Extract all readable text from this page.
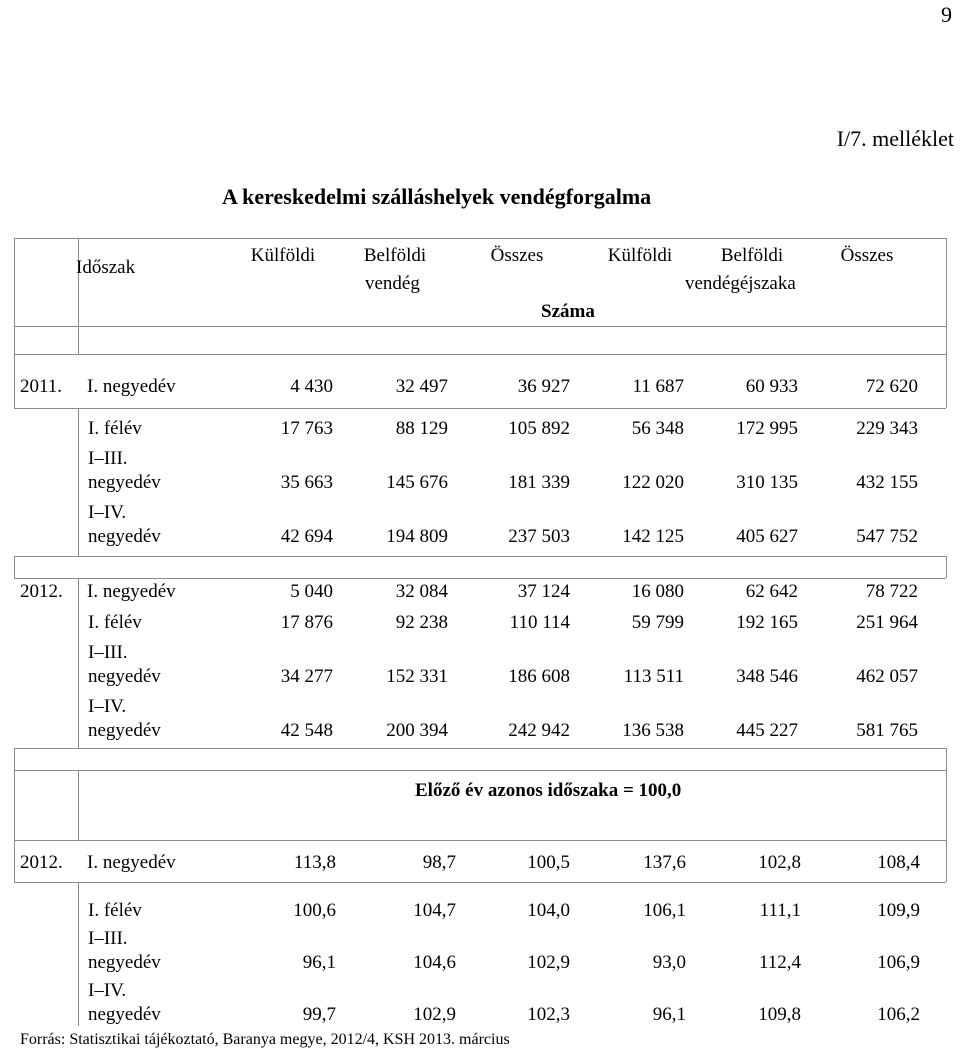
9
I/7. melléklet
A kereskedelmi szálláshelyek vendégforgalma
Időszak
Külföldi	Belföldi	Összes	Külföldi	Belföldi	Összes
vendég	vendégéjszaka
Száma
2011. I. negyedév	4 430	32 497	36 927	11 687	60 933	72 620
I. félév	17 763	88 129	105 892	56 348	172 995	229 343
I–III.
negyedév	35 663	145 676	181 339	122 020	310 135	432 155
I–IV.
negyedév	42 694	194 809	237 503	142 125	405 627	547 752
2012. I. negyedév	5 040	32 084	37 124	16 080	62 642	78 722
I. félév	17 876	92 238	110 114	59 799	192 165	251 964
I–III.
negyedév	34 277	152 331	186 608	113 511	348 546	462 057
I–IV.
negyedév	42 548	200 394	242 942	136 538	445 227	581 765
2012. I. negyedév	113,8	98,7	100,5	137,6	102,8	108,4
I. félév	100,6	104,7	104,0	106,1	111,1	109,9
I–III.
negyedév	96,1	104,6	102,9	93,0	112,4	106,9
I–IV.
negyedév	99,7	102,9	102,3	96,1	109,8	106,2
Előző év azonos időszaka = 100,0
Forrás: Statisztikai tájékoztató, Baranya megye, 2012/4, KSH 2013. március
